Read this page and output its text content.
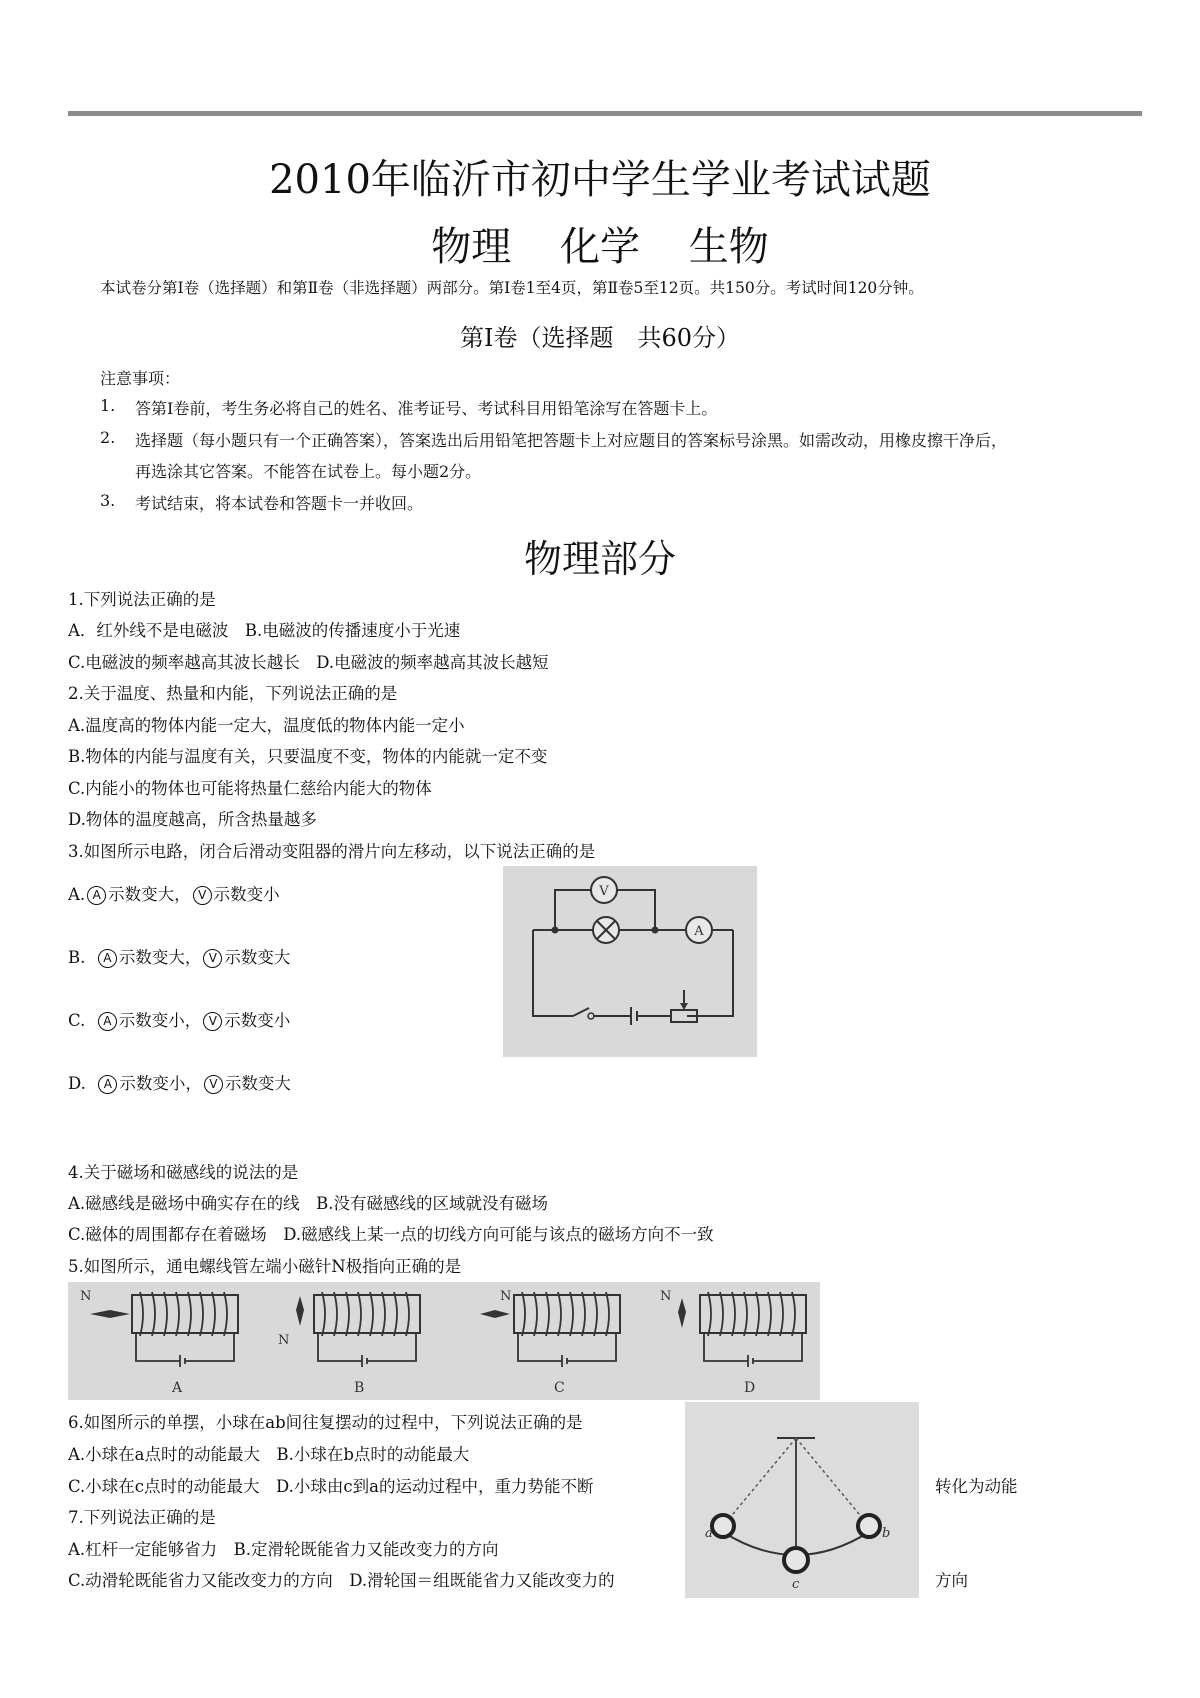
2010年临沂市初中学生学业考试试题
物理 化学 生物
本试卷分第Ⅰ卷（选择题）和第Ⅱ卷（非选择题）两部分。第Ⅰ卷1至4页，第Ⅱ卷5至12页。共150分。考试时间120分钟。
第Ⅰ卷（选择题　共60分）
注意事项：
1. 答第Ⅰ卷前，考生务必将自己的姓名、准考证号、考试科目用铅笔涂写在答题卡上。
2. 选择题（每小题只有一个正确答案），答案选出后用铅笔把答题卡上对应题目的答案标号涂黑。如需改动，用橡皮擦干净后，
再选涂其它答案。不能答在试卷上。每小题2分。
3. 考试结束，将本试卷和答题卡一并收回。
物理部分
1.下列说法正确的是
A．红外线不是电磁波　B.电磁波的传播速度小于光速
C.电磁波的频率越高其波长越长　D.电磁波的频率越高其波长越短
2.关于温度、热量和内能，下列说法正确的是
A.温度高的物体内能一定大，温度低的物体内能一定小
B.物体的内能与温度有关，只要温度不变，物体的内能就一定不变
C.内能小的物体也可能将热量仁慈给内能大的物体
D.物体的温度越高，所含热量越多
3.如图所示电路，闭合后滑动变阻器的滑片向左移动，以下说法正确的是
A. A 示数变大， V 示数变小
B. A 示数变大， V 示数变大
C. A 示数变小， V 示数变小
D. A 示数变小， V 示数变大
V
A
4.关于磁场和磁感线的说法的是
A.磁感线是磁场中确实存在的线　B.没有磁感线的区域就没有磁场
C.磁体的周围都存在着磁场　D.磁感线上某一点的切线方向可能与该点的磁场方向不一致
5.如图所示，通电螺线管左端小磁针N极指向正确的是
N
A
N
B
N
C
N
D
6.如图所示的单摆，小球在ab间往复摆动的过程中，下列说法正确的是
A.小球在a点时的动能最大　B.小球在b点时的动能最大
C.小球在c点时的动能最大　D.小球由c到a的运动过程中，重力势能不断	转化为动能
7.下列说法正确的是
A.杠杆一定能够省力　B.定滑轮既能省力又能改变力的方向
C.动滑轮既能省力又能改变力的方向　D.滑轮国＝组既能省力又能改变力的	方向
a	b
c
